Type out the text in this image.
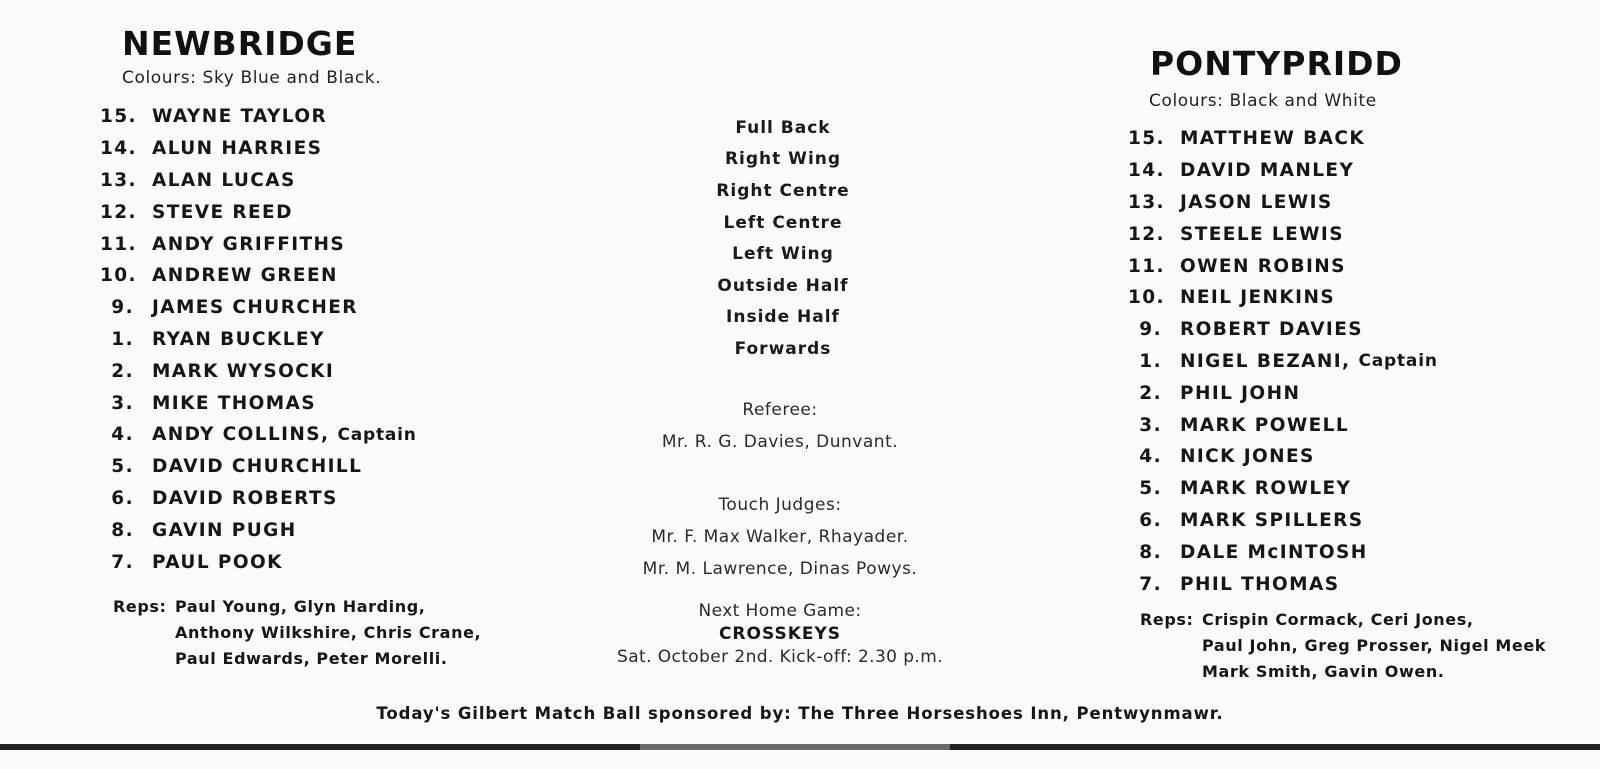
NEWBRIDGE
Colours: Sky Blue and Black.
15. WAYNE TAYLOR
14. ALUN HARRIES
13. ALAN LUCAS
12. STEVE REED
11. ANDY GRIFFITHS
10. ANDREW GREEN
9. JAMES CHURCHER
1. RYAN BUCKLEY
2. MARK WYSOCKI
3. MIKE THOMAS
4. ANDY COLLINS, Captain
5. DAVID CHURCHILL
6. DAVID ROBERTS
8. GAVIN PUGH
7. PAUL POOK
Reps: Paul Young, Glyn Harding,
Anthony Wilkshire, Chris Crane,
Paul Edwards, Peter Morelli.
Full Back
Right Wing
Right Centre
Left Centre
Left Wing
Outside Half
Inside Half
Forwards
Referee:
Mr. R. G. Davies, Dunvant.
Touch Judges:
Mr. F. Max Walker, Rhayader.
Mr. M. Lawrence, Dinas Powys.
Next Home Game:
CROSSKEYS
Sat. October 2nd. Kick-off: 2.30 p.m.
PONTYPRIDD
Colours: Black and White
15. MATTHEW BACK
14. DAVID MANLEY
13. JASON LEWIS
12. STEELE LEWIS
11. OWEN ROBINS
10. NEIL JENKINS
9. ROBERT DAVIES
1. NIGEL BEZANI, Captain
2. PHIL JOHN
3. MARK POWELL
4. NICK JONES
5. MARK ROWLEY
6. MARK SPILLERS
8. DALE McINTOSH
7. PHIL THOMAS
Reps: Crispin Cormack, Ceri Jones,
Paul John, Greg Prosser, Nigel Meek
Mark Smith, Gavin Owen.
Today's Gilbert Match Ball sponsored by: The Three Horseshoes Inn, Pentwynmawr.
